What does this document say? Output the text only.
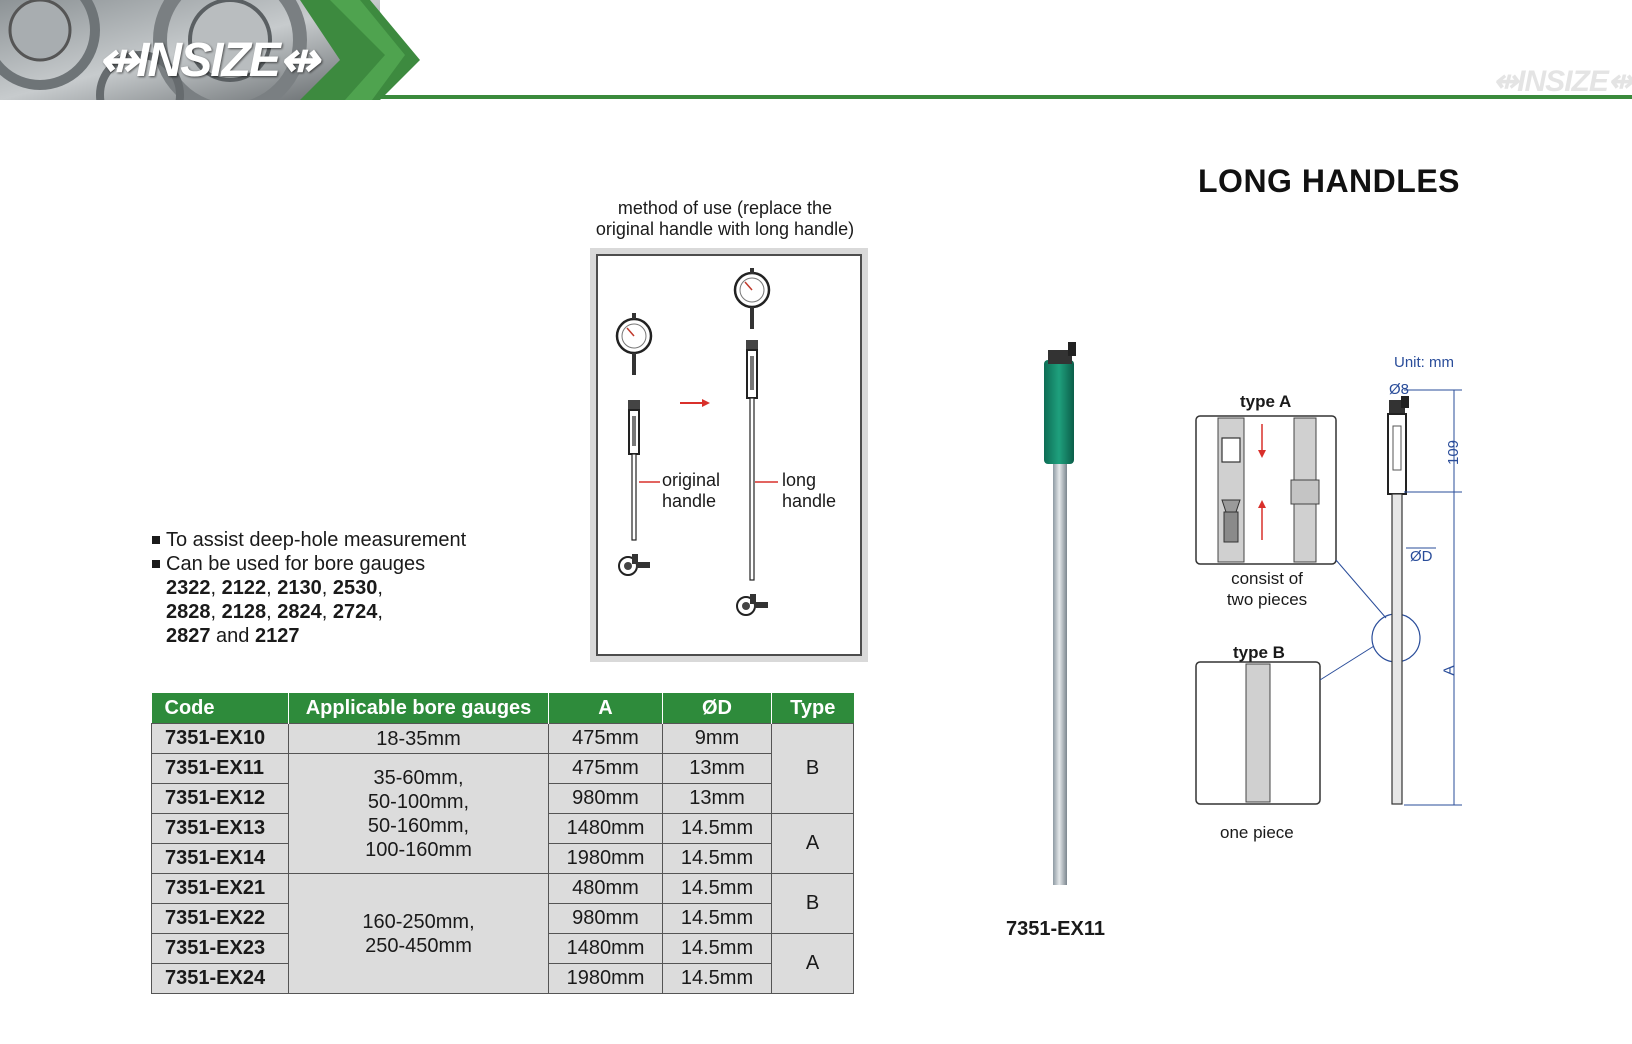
⇹INSIZE⇹	⇹INSIZE⇹
LONG HANDLES
To assist deep-hole measurement
Can be used for bore gauges
2322, 2122, 2130, 2530,
2828, 2128, 2824, 2724,
2827 and 2127
method of use (replace the
original handle with long handle)
original
handle
long
handle
Code	Applicable bore gauges	A	ØD	Type
7351-EX10	18-35mm	475mm	9mm	B
7351-EX11	35-60mm,
50-100mm,
50-160mm,
100-160mm	475mm	13mm	
7351-EX12		980mm	13mm	
7351-EX13		1480mm	14.5mm	A
7351-EX14		1980mm	14.5mm	
7351-EX21	160-250mm,
250-450mm	480mm	14.5mm	B
7351-EX22		980mm	14.5mm	
7351-EX23		1480mm	14.5mm	A
7351-EX24		1980mm	14.5mm	
7351-EX11
Unit: mm
Ø8
109
ØD
A
type A
consist of
two pieces
type B
one piece
